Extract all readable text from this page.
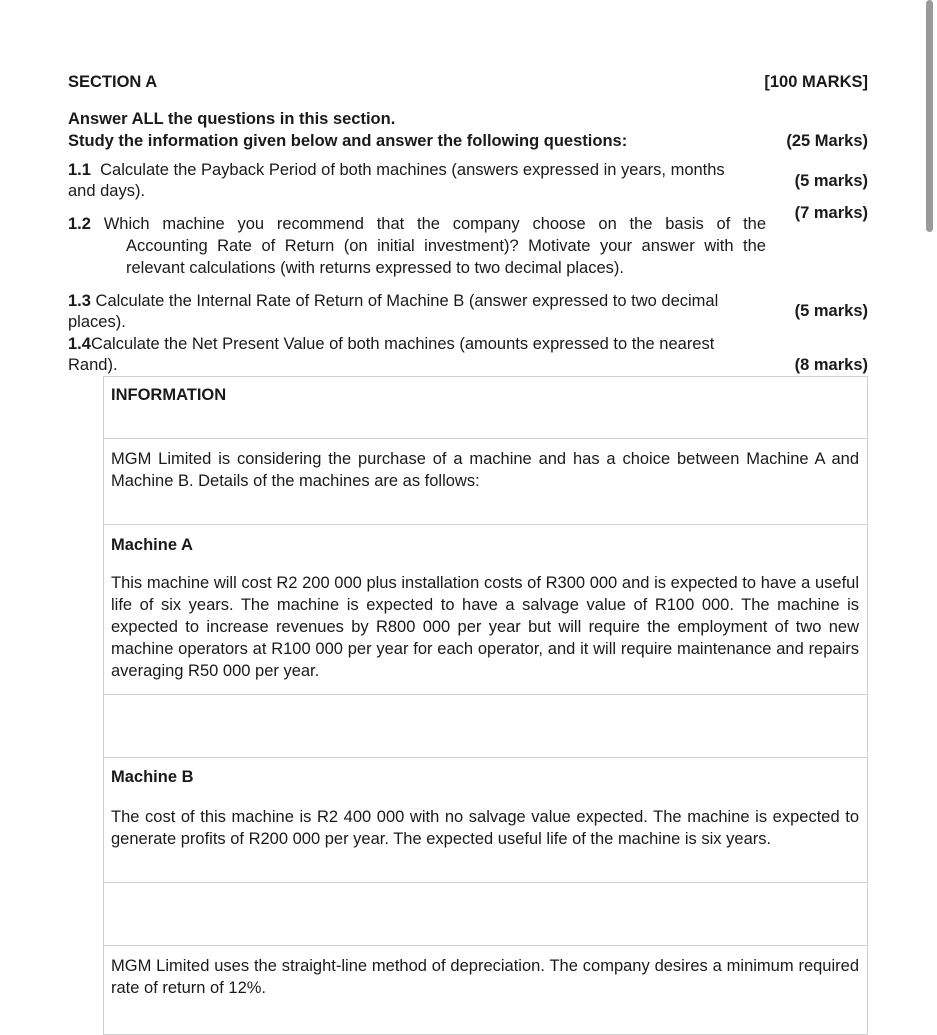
SECTION A	[100 MARKS]
Answer ALL the questions in this section.
Study the information given below and answer the following questions:	(25 Marks)
1.1 Calculate the Payback Period of both machines (answers expressed in years, months
and days).
(5 marks)
1.2 Which machine you recommend that the company choose on the basis of the
Accounting Rate of Return (on initial investment)? Motivate your answer with the
relevant calculations (with returns expressed to two decimal places).
(7 marks)
1.3 Calculate the Internal Rate of Return of Machine B (answer expressed to two decimal
places).
(5 marks)
1.4Calculate the Net Present Value of both machines (amounts expressed to the nearest
Rand).	(8 marks)
INFORMATION
MGM Limited is considering the purchase of a machine and has a choice between Machine A and Machine B. Details of the machines are as follows:
Machine A
This machine will cost R2 200 000 plus installation costs of R300 000 and is expected to have a useful life of six years. The machine is expected to have a salvage value of R100 000. The machine is expected to increase revenues by R800 000 per year but will require the employment of two new machine operators at R100 000 per year for each operator, and it will require maintenance and repairs averaging R50 000 per year.
Machine B
The cost of this machine is R2 400 000 with no salvage value expected. The machine is expected to generate profits of R200 000 per year. The expected useful life of the machine is six years.
MGM Limited uses the straight-line method of depreciation. The company desires a minimum required rate of return of 12%.
